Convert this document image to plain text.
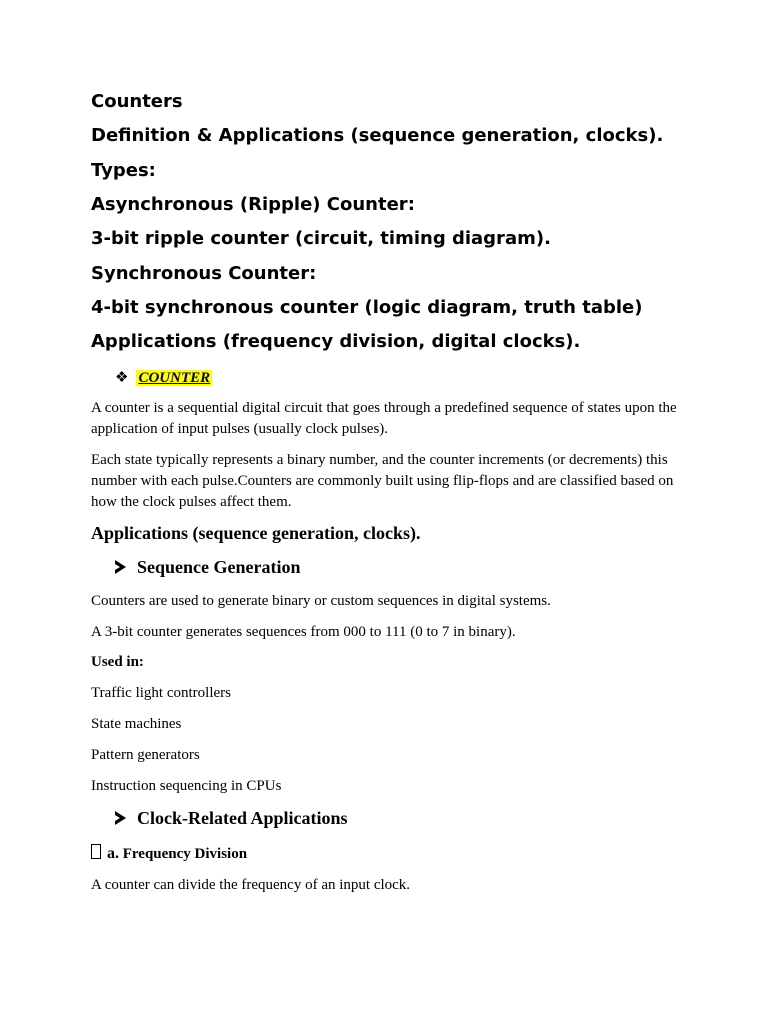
Counters
Definition & Applications (sequence generation, clocks).
Types:
Asynchronous (Ripple) Counter:
3-bit ripple counter (circuit, timing diagram).
Synchronous Counter:
4-bit synchronous counter (logic diagram, truth table)
Applications (frequency division, digital clocks).
❖ COUNTER
A counter is a sequential digital circuit that goes through a predefined sequence of states upon the application of input pulses (usually clock pulses).
Each state typically represents a binary number, and the counter increments (or decrements) this number with each pulse.Counters are commonly built using flip-flops and are classified based on how the clock pulses affect them.
Applications (sequence generation, clocks).
Sequence Generation
Counters are used to generate binary or custom sequences in digital systems.
A 3-bit counter generates sequences from 000 to 111 (0 to 7 in binary).
Used in:
Traffic light controllers
State machines
Pattern generators
Instruction sequencing in CPUs
Clock-Related Applications
a. Frequency Division
A counter can divide the frequency of an input clock.
